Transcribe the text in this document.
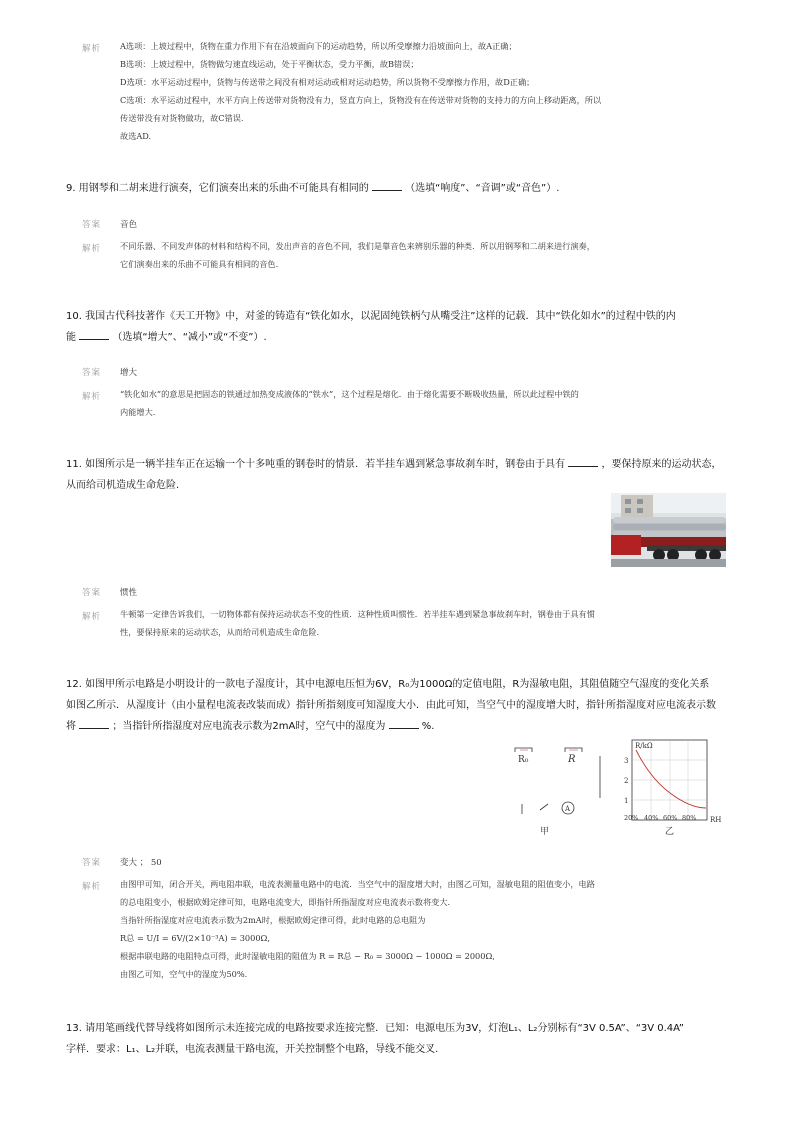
解析 A选项：上坡过程中，货物在重力作用下有在沿坡面向下的运动趋势，所以所受摩擦力沿坡面向上，故A正确；
B选项：上坡过程中，货物做匀速直线运动，处于平衡状态，受力平衡，故B错误；
D选项：水平运动过程中，货物与传送带之间没有相对运动或相对运动趋势，所以货物不受摩擦力作用，故D正确；
C选项：水平运动过程中，水平方向上传送带对货物没有力，竖直方向上，货物没有在传送带对货物的支持力的方向上移动距离，所以
传送带没有对货物做功，故C错误.
故选AD.
9. 用钢琴和二胡来进行演奏，它们演奏出来的乐曲不可能具有相同的	（选填“响度”、“音调”或“音色”）.
答案 音色
解析 不同乐器、不同发声体的材料和结构不同，发出声音的音色不同，我们是靠音色来辨别乐器的种类．所以用钢琴和二胡来进行演奏，
它们演奏出来的乐曲不可能具有相同的音色.
10. 我国古代科技著作《天工开物》中，对釜的铸造有“铁化如水，以泥固纯铁柄勺从嘴受注”这样的记载．其中“铁化如水”的过程中铁的内
能	（选填“增大”、“减小”或“不变”）.
答案 增大
解析 “铁化如水”的意思是把固态的铁通过加热变成液体的“铁水”，这个过程是熔化．由于熔化需要不断吸收热量，所以此过程中铁的
内能增大.
11. 如图所示是一辆半挂车正在运输一个十多吨重的钢卷时的情景．若半挂车遇到紧急事故刹车时，钢卷由于具有	，要保持原来的运动状态，
从而给司机造成生命危险.
答案 惯性
解析 牛顿第一定律告诉我们，一切物体都有保持运动状态不变的性质．这种性质叫惯性．若半挂车遇到紧急事故刹车时，钢卷由于具有惯
性，要保持原来的运动状态，从而给司机造成生命危险.
12. 如图甲所示电路是小明设计的一款电子湿度计，其中电源电压恒为6V，R₀为1000Ω的定值电阻，R为湿敏电阻，其阻值随空气湿度的变化关系
如图乙所示．从湿度计（由小量程电流表改装而成）指针所指刻度可知湿度大小．由此可知，当空气中的湿度增大时，指针所指湿度对应电流表示数
将	；当指针所指湿度对应电流表示数为2mA时，空气中的湿度为	%.
R₀	R
A
甲
R/kΩ
3
2
1
20% 40% 60% 80% RH
乙
答案 变大 ； 50
解析 由图甲可知，闭合开关，两电阻串联，电流表测量电路中的电流．当空气中的湿度增大时，由图乙可知，湿敏电阻的阻值变小，电路
的总电阻变小，根据欧姆定律可知，电路电流变大，即指针所指湿度对应电流表示数将变大.
当指针所指湿度对应电流表示数为2mA时，根据欧姆定律可得，此时电路的总电阻为
R总 = U/I = 6V/(2×10⁻³A) = 3000Ω,
根据串联电路的电阻特点可得，此时湿敏电阻的阻值为 R = R总 − R₀ = 3000Ω − 1000Ω = 2000Ω,
由图乙可知，空气中的湿度为50%.
13. 请用笔画线代替导线将如图所示未连接完成的电路按要求连接完整．已知：电源电压为3V，灯泡L₁、L₂分别标有“3V 0.5A”、“3V 0.4A”
字样．要求：L₁、L₂并联，电流表测量干路电流，开关控制整个电路，导线不能交叉.
